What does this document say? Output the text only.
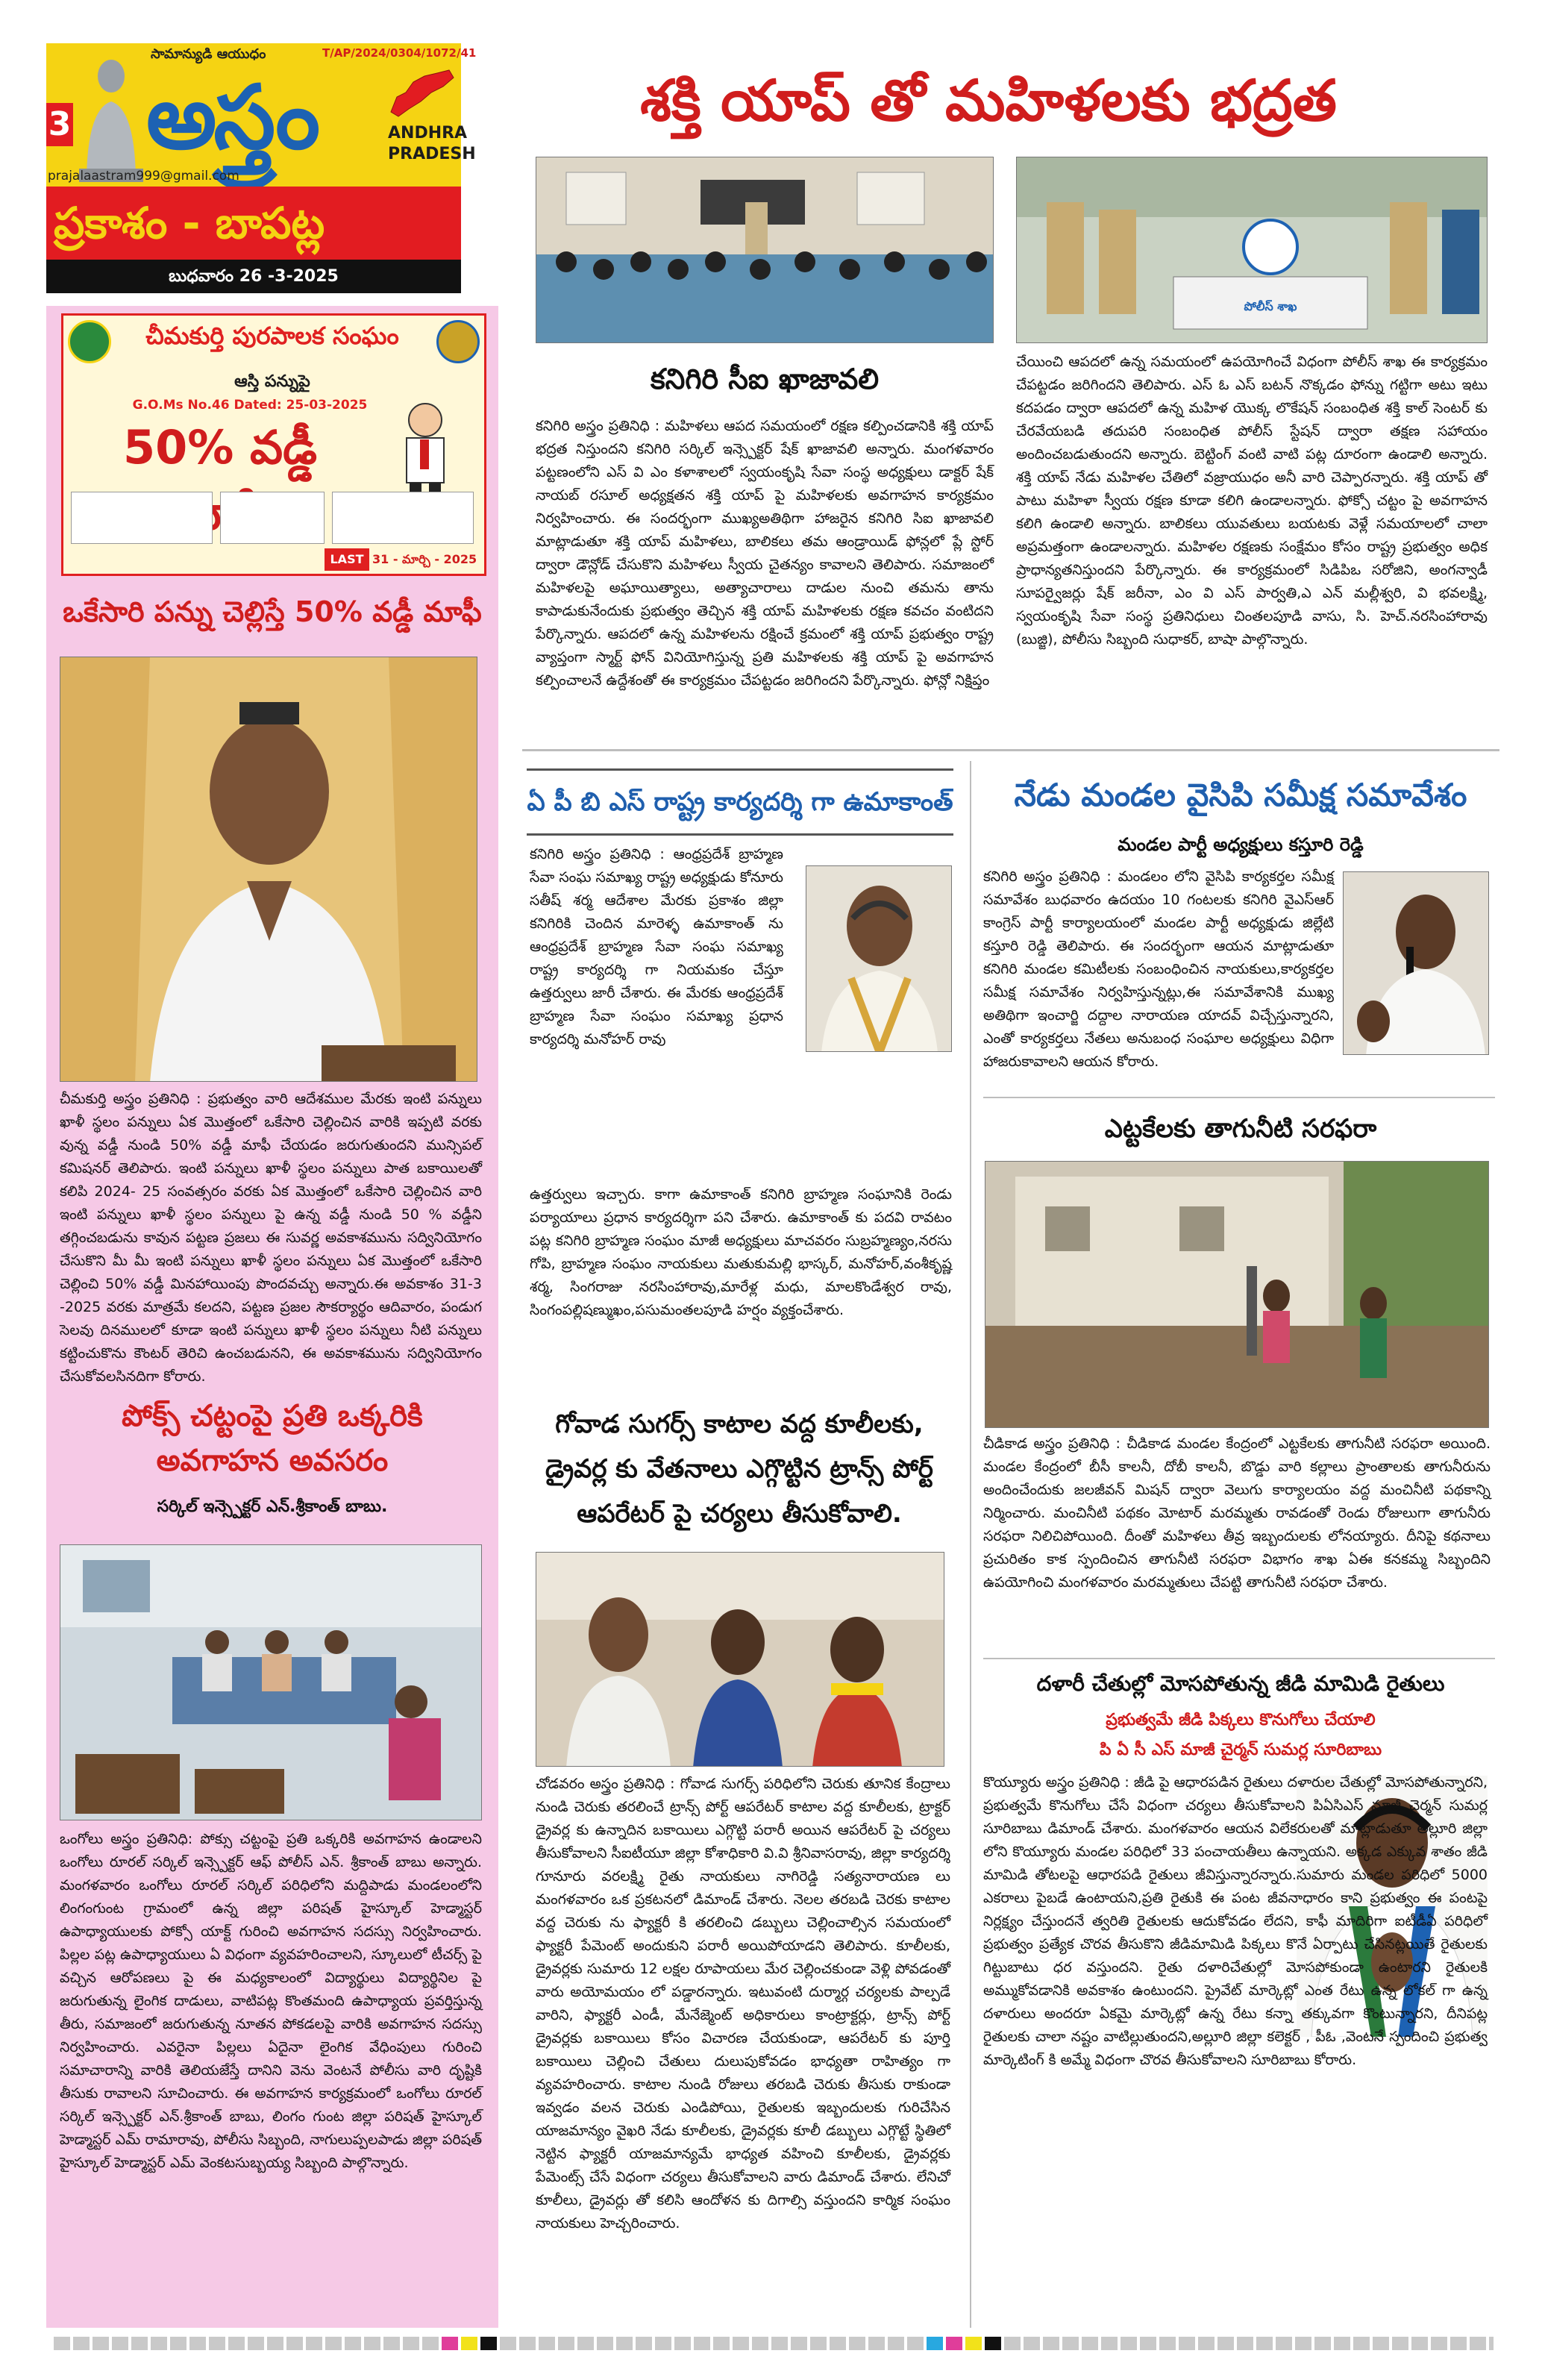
3
సామాన్యుడి ఆయుధం	T/AP/2024/0304/1072/41
అస్త్రం	ANDHRA
PRADESH
prajalaastram999@gmail.com
ప్రకాశం - బాపట్ల
బుధవారం 26 -3-2025
శక్తి యాప్ తో మహిళలకు భద్రత
చీమకుర్తి పురపాలక సంఘం
ఆస్తి పన్నుపై
G.O.Ms No.46 Dated: 25-03-2025
50% వడ్డీ
LAST 31 - మార్చి - 2025
ఒకేసారి పన్ను చెల్లిస్తే 50% వడ్డీ మాఫీ
చీమకుర్తి అస్త్రం ప్రతినిధి : ప్రభుత్వం వారి ఆదేశముల మేరకు ఇంటి పన్నులు ఖాళీ స్థలం పన్నులు ఏక మొత్తంలో ఒకేసారి చెల్లించిన వారికి ఇప్పటి వరకు వున్న వడ్డీ నుండి 50% వడ్డీ మాఫీ చేయడం జరుగుతుందని మున్సిపల్ కమిషనర్ తెలిపారు. ఇంటి పన్నులు ఖాళీ స్థలం పన్నులు పాత బకాయిలతో కలిపి 2024- 25 సంవత్సరం వరకు ఏక మొత్తంలో ఒకేసారి చెల్లించిన వారి ఇంటి పన్నులు ఖాళీ స్థలం పన్నులు పై ఉన్న వడ్డీ నుండి 50 % వడ్డీని తగ్గించబడును కావున పట్టణ ప్రజలు ఈ సువర్ణ అవకాశమును సద్వినియోగం చేసుకొని మీ మీ ఇంటి పన్నులు ఖాళీ స్థలం పన్నులు ఏక మొత్తంలో ఒకేసారి చెల్లించి 50% వడ్డీ మినహాయింపు పొందవచ్చు అన్నారు.ఈ అవకాశం 31-3 -2025 వరకు మాత్రమే కలదని, పట్టణ ప్రజల సౌకర్యార్థం ఆదివారం, పండుగ సెలవు దినములలో కూడా ఇంటి పన్నులు ఖాళీ స్థలం పన్నులు నీటి పన్నులు కట్టించుకొను కౌంటర్ తెరిచి ఉంచబడునని, ఈ అవకాశమును సద్వినియోగం చేసుకోవలసినదిగా కోరారు.
పోక్స్ చట్టంపై ప్రతి ఒక్కరికి
అవగాహన అవసరం
సర్కిల్ ఇన్స్పెక్టర్ ఎన్.శ్రీకాంత్ బాబు.
ఒంగోలు అస్త్రం ప్రతినిధి: పోక్సు చట్టంపై ప్రతి ఒక్కరికి అవగాహన ఉండాలని ఒంగోలు రూరల్ సర్కిల్ ఇన్స్పెక్టర్ ఆఫ్ పోలీస్ ఎన్. శ్రీకాంత్ బాబు అన్నారు. మంగళవారం ఒంగోలు రూరల్ సర్కిల్ పరిధిలోని మద్దిపాడు మండలంలోని లింగంగుంట గ్రామంలో ఉన్న జిల్లా పరిషత్ హైస్కూల్ హెడ్మాస్టర్ ఉపాధ్యాయులకు పోక్సో యాక్ట్ గురించి అవగాహన సదస్సు నిర్వహించారు. పిల్లల పట్ల ఉపాధ్యాయులు ఏ విధంగా వ్యవహరించాలని, స్కూలులో టీచర్స్ పై వచ్చిన ఆరోపణలు పై ఈ మధ్యకాలంలో విద్యార్థులు విద్యార్థినిల పై జరుగుతున్న లైంగిక దాడులు, వాటిపట్ల కొంతమంది ఉపాధ్యాయ ప్రవర్తిస్తున్న తీరు, సమాజంలో జరుగుతున్న నూతన పోకడలపై వారికి అవగాహన సదస్సు నిర్వహించారు. ఎవరైనా పిల్లలు ఏదైనా లైంగిక వేధింపులు గురించి సమాచారాన్ని వారికి తెలియజేస్తే దానిని వెను వెంటనే పోలీసు వారి దృష్టికి తీసుకు రావాలని సూచించారు. ఈ అవగాహన కార్యక్రమంలో ఒంగోలు రూరల్ సర్కిల్ ఇన్స్పెక్టర్ ఎన్.శ్రీకాంత్ బాబు, లింగం గుంట జిల్లా పరిషత్ హైస్కూల్ హెడ్మాస్టర్ ఎమ్ రామారావు, పోలీసు సిబ్బంది, నాగులుప్పలపాడు జిల్లా పరిషత్ హైస్కూల్ హెడ్మాస్టర్ ఎమ్ వెంకటసుబ్బయ్య సిబ్బంది పాల్గొన్నారు.
పోలీస్ శాఖ
కనిగిరి సీఐ ఖాజావలి
కనిగిరి అస్త్రం ప్రతినిధి : మహిళలు ఆపద సమయంలో రక్షణ కల్పించడానికి శక్తి యాప్ భద్రత నిస్తుందని కనిగిరి సర్కిల్ ఇన్స్పెక్టర్ షేక్ ఖాజావలి అన్నారు. మంగళవారం పట్టణంలోని ఎస్ వి ఎం కళాశాలలో స్వయంకృషి సేవా సంస్థ అధ్యక్షులు డాక్టర్ షేక్ నాయబ్ రసూల్ అధ్యక్షతన శక్తి యాప్ పై మహిళలకు అవగాహన కార్యక్రమం నిర్వహించారు. ఈ సందర్భంగా ముఖ్యఅతిథిగా హాజరైన కనిగిరి సిఐ ఖాజావలి మాట్లాడుతూ శక్తి యాప్ మహిళలు, బాలికలు తమ ఆండ్రాయిడ్ ఫోన్లలో ప్లే స్టోర్ ద్వారా డౌన్లోడ్ చేసుకొని మహిళలు స్వీయ చైతన్యం కావాలని తెలిపారు. సమాజంలో మహిళలపై అఘాయిత్యాలు, అత్యాచారాలు దాడుల నుంచి తమను తాను కాపాడుకునేందుకు ప్రభుత్వం తెచ్చిన శక్తి యాప్ మహిళలకు రక్షణ కవచం వంటిదని పేర్కొన్నారు. ఆపదలో ఉన్న మహిళలను రక్షించే క్రమంలో శక్తి యాప్ ప్రభుత్వం రాష్ట్ర వ్యాప్తంగా స్మార్ట్ ఫోన్ వినియోగిస్తున్న ప్రతి మహిళలకు శక్తి యాప్ పై అవగాహన కల్పించాలనే ఉద్దేశంతో ఈ కార్యక్రమం చేపట్టడం జరిగిందని పేర్కొన్నారు. ఫోన్లో నిక్షిప్తం
చేయించి ఆపదలో ఉన్న సమయంలో ఉపయోగించే విధంగా పోలీస్ శాఖ ఈ కార్యక్రమం చేపట్టడం జరిగిందని తెలిపారు. ఎస్ ఓ ఎస్ బటన్ నొక్కడం ఫోన్ను గట్టిగా అటు ఇటు కదపడం ద్వారా ఆపదలో ఉన్న మహిళ యొక్క లొకేషన్ సంబంధిత శక్తి కాల్ సెంటర్ కు చేరవేయబడి తదుపరి సంబంధిత పోలీస్ స్టేషన్ ద్వారా తక్షణ సహాయం అందించబడుతుందని అన్నారు. బెట్టింగ్ వంటి వాటి పట్ల దూరంగా ఉండాలి అన్నారు. శక్తి యాప్ నేడు మహిళల చేతిలో వజ్రాయుధం అనీ వారి చెప్పారన్నారు. శక్తి యాప్ తో పాటు మహిళా స్వీయ రక్షణ కూడా కలిగి ఉండాలన్నారు. ఫోక్సో చట్టం పై అవగాహన కలిగి ఉండాలి అన్నారు. బాలికలు యువతులు బయటకు వెళ్లే సమయాలలో చాలా అప్రమత్తంగా ఉండాలన్నారు. మహిళల రక్షణకు సంక్షేమం కోసం రాష్ట్ర ప్రభుత్వం అధిక ప్రాధాన్యతనిస్తుందని పేర్కొన్నారు. ఈ కార్యక్రమంలో సిడిపిఒ సరోజిని, అంగన్వాడీ సూపర్వైజర్లు షేక్ జరీనా, ఎం వి ఎస్ పార్వతి,ఎ ఎన్ మల్లీశ్వరి, వి భవలక్ష్మి, స్వయంకృషి సేవా సంస్థ ప్రతినిధులు చింతలపూడి వాసు, సి. హెచ్.నరసింహారావు (బుజ్జి), పోలీసు సిబ్బంది సుధాకర్, బాషా పాల్గొన్నారు.
ఏ పీ బి ఎస్ రాష్ట్ర కార్యదర్శి గా ఉమాకాంత్
కనిగిరి అస్త్రం ప్రతినిధి : ఆంధ్రప్రదేశ్ బ్రాహ్మణ సేవా సంఘ సమాఖ్య రాష్ట్ర అధ్యక్షుడు కోనూరు సతీష్ శర్మ ఆదేశాల మేరకు ప్రకాశం జిల్లా కనిగిరికి చెందిన మారెళ్ళ ఉమాకాంత్ ను ఆంధ్రప్రదేశ్ బ్రాహ్మణ సేవా సంఘ సమాఖ్య రాష్ట్ర కార్యదర్శి గా నియమకం చేస్తూ ఉత్తర్వులు జారీ చేశారు. ఈ మేరకు ఆంధ్రప్రదేశ్ బ్రాహ్మణ సేవా సంఘం సమాఖ్య ప్రధాన కార్యదర్శి మనోహర్ రావు
ఉత్తర్వులు ఇచ్చారు. కాగా ఉమాకాంత్ కనిగిరి బ్రాహ్మణ సంఘానికి రెండు పర్యాయాలు ప్రధాన కార్యదర్శిగా పని చేశారు. ఉమాకాంత్ కు పదవి రావటం పట్ల కనిగిరి బ్రాహ్మణ సంఘం మాజీ అధ్యక్షులు మాచవరం సుబ్రహ్మణ్యం,నరసు గోపి, బ్రాహ్మణ సంఘం నాయకులు మతుకుమల్లి భాస్కర్, మనోహర్,వంశీకృష్ణ శర్మ, సింగరాజు నరసింహారావు,మారేళ్ల మధు, మాలకొండేశ్వర రావు, సింగంపల్లిషణ్ముఖం,పసుమంతలపూడి హర్షం వ్యక్తంచేశారు.
గోవాడ సుగర్స్ కాటాల వద్ద కూలీలకు,
డ్రైవర్ల కు వేతనాలు ఎగ్గొట్టిన ట్రాన్స్ పోర్ట్
ఆపరేటర్ పై చర్యలు తీసుకోవాలి.
చోడవరం అస్త్రం ప్రతినిధి : గోవాడ సుగర్స్ పరిధిలోని చెరుకు తూనిక కేంద్రాలు నుండి చెరుకు తరలించే ట్రాన్స్ పోర్ట్ ఆపరేటర్ కాటాల వద్ద కూలీలకు, ట్రాక్టర్ డ్రైవర్ల కు ఉన్నాదిన బకాయిలు ఎగ్గొట్టి పరారీ అయిన ఆపరేటర్ పై చర్యలు తీసుకోవాలని సీఐటీయూ జిల్లా కోశాధికారి వి.వి శ్రీనివాసరావు, జిల్లా కార్యదర్శి గూనూరు వరలక్ష్మి రైతు నాయకులు నాగిరెడ్డి సత్యనారాయణ లు మంగళవారం ఒక ప్రకటనలో డిమాండ్ చేశారు. నెలల తరబడి చెరకు కాటాల వద్ద చెరుకు ను ఫ్యాక్టరీ కి తరలించి డబ్బులు చెల్లించాల్సిన సమయంలో ఫ్యాక్టరీ పేమెంట్ అందుకుని పరారీ అయిపోయాడని తెలిపారు. కూలీలకు, డ్రైవర్లకు సుమారు 12 లక్షల రూపాయలు మేర చెల్లించకుండా వెళ్లి పోవడంతో వారు అయోమయం లో పడ్డారన్నారు. ఇటువంటి దుర్మార్గ చర్యలకు పాల్పడే వారిని, ఫ్యాక్టరీ ఎండీ, మేనేజ్మెంట్ అధికారులు కాంట్రాక్టర్లు, ట్రాన్స్ పోర్ట్ డ్రైవర్లకు బకాయిలు కోసం విచారణ చేయకుండా, ఆపరేటర్ కు పూర్తి బకాయిలు చెల్లించి చేతులు దులుపుకోవడం భాధ్యతా రాహిత్యం గా వ్యవహరించారు. కాటాల నుండి రోజులు తరబడి చెరుకు తీసుకు రాకుండా ఇవ్వడం వలన చెరుకు ఎండిపోయి, రైతులకు ఇబ్బందులకు గురిచేసిన యాజమాన్యం వైఖరి నేడు కూలీలకు, డ్రైవర్లకు కూలీ డబ్బులు ఎగ్గొట్టే స్థితిలో నెట్టిన ఫ్యాక్టరీ యాజమాన్యమే భాధ్యత వహించి కూలీలకు, డ్రైవర్లకు పేమెంట్స్ చేసే విధంగా చర్యలు తీసుకోవాలని వారు డిమాండ్ చేశారు. లేనిచో కూలీలు, డ్రైవర్లు తో కలిసి ఆందోళన కు దిగాల్సి వస్తుందని కార్మిక సంఘం నాయకులు హెచ్చరించారు.
నేడు మండల వైసిపి సమీక్ష సమావేశం
మండల పార్టీ అధ్యక్షులు కస్తూరి రెడ్డి
కనిగిరి అస్త్రం ప్రతినిధి : మండలం లోని వైసిపి కార్యకర్తల సమీక్ష సమావేశం బుధవారం ఉదయం 10 గంటలకు కనిగిరి వైఎస్ఆర్ కాంగ్రెస్ పార్టీ కార్యాలయంలో మండల పార్టీ అధ్యక్షుడు జిల్లేటి కస్తూరి రెడ్డి తెలిపారు. ఈ సందర్భంగా ఆయన మాట్లాడుతూ కనిగిరి మండల కమిటీలకు సంబంధించిన నాయకులు,కార్యకర్తల సమీక్ష సమావేశం నిర్వహిస్తున్నట్లు,ఈ సమావేశానికి ముఖ్య అతిథిగా ఇంచార్జి దద్దాల నారాయణ యాదవ్ విచ్చేస్తున్నారని, ఎంతో కార్యకర్తలు నేతలు అనుబంధ సంఘాల అధ్యక్షులు విధిగా హాజరుకావాలని ఆయన కోరారు.
ఎట్టకేలకు తాగునీటి సరఫరా
చీడికాడ అస్త్రం ప్రతినిధి : చీడికాడ మండల కేంద్రంలో ఎట్టకేలకు తాగునీటి సరఫరా అయింది. మండల కేంద్రంలో బీసీ కాలనీ, దోబీ కాలనీ, బొడ్డు వారి కల్లాలు ప్రాంతాలకు తాగునీరును అందించేందుకు జలజీవన్ మిషన్ ద్వారా వెలుగు కార్యాలయం వద్ద మంచినీటి పథకాన్ని నిర్మించారు. మంచినీటి పథకం మోటార్ మరమ్మతు రావడంతో రెండు రోజులుగా తాగునీరు సరఫరా నిలిచిపోయింది. దీంతో మహిళలు తీవ్ర ఇబ్బందులకు లోనయ్యారు. దీనిపై కథనాలు ప్రచురితం కాక స్పందించిన తాగునీటి సరఫరా విభాగం శాఖ ఏఈ కనకమ్మ సిబ్బందిని ఉపయోగించి మంగళవారం మరమ్మతులు చేపట్టి తాగునీటి సరఫరా చేశారు.
దళారీ చేతుల్లో మోసపోతున్న జీడి మామిడి రైతులు
ప్రభుత్వమే జీడి పిక్కలు కొనుగోలు చేయాలి
పి ఏ సీ ఎస్ మాజీ చైర్మన్ సుమర్ల సూరిబాబు
కొయ్యూరు అస్త్రం ప్రతినిధి : జీడి పై ఆధారపడిన రైతులు దళారుల చేతుల్లో మోసపోతున్నారని, ప్రభుత్వమే కొనుగోలు చేసే విధంగా చర్యలు తీసుకోవాలని పిఏసిఎస్ మాజీ చైర్మన్ సుమర్ల సూరిబాబు డిమాండ్ చేశారు. మంగళవారం ఆయన విలేకరులతో మాట్లాడుతూ అల్లూరి జిల్లా లోని కొయ్యూరు మండల పరిధిలో 33 పంచాయతీలు ఉన్నాయని. అక్కడ ఎక్కువ శాతం జీడి మామిడి తోటలపై ఆధారపడి రైతులు జీవిస్తున్నారన్నారు.సుమారు మండల పరిధిలో 5000 ఎకరాలు పైబడే ఉంటాయని,ప్రతి రైతుకి ఈ పంట జీవనాధారం కాని ప్రభుత్వం ఈ పంటపై నిర్లక్ష్యం చేస్తుందనే త్వరితి రైతులకు ఆదుకోవడం లేదని, కాఫీ మాదిరిగా ఐటీడీఏ పరిధిలో ప్రభుత్వం ప్రత్యేక చొరవ తీసుకొని జీడిమామిడి పిక్కలు కొనే ఏర్పాటు చేసినట్లయితే రైతులకు గిట్టుబాటు ధర వస్తుందని. రైతు దళారిచేతుల్లో మోసపోకుండా ఉంటారని రైతులకి అమ్ముకోవడానికి అవకాశం ఉంటుందని. ప్రైవేట్ మార్కెట్లో ఎంత రేటు ఉన్న లోకల్ గా ఉన్న దళారులు అందరూ ఏకమై మార్కెట్లో ఉన్న రేటు కన్నా తక్కువగా కొంటున్నారని, దీనిపట్ల రైతులకు చాలా నష్టం వాటిల్లుతుందని,అల్లూరి జిల్లా కలెక్టర్ , పీఓ ,వెంటనే స్పందించి ప్రభుత్వ మార్కెటింగ్ కి అమ్మే విధంగా చొరవ తీసుకోవాలని సూరిబాబు కోరారు.
